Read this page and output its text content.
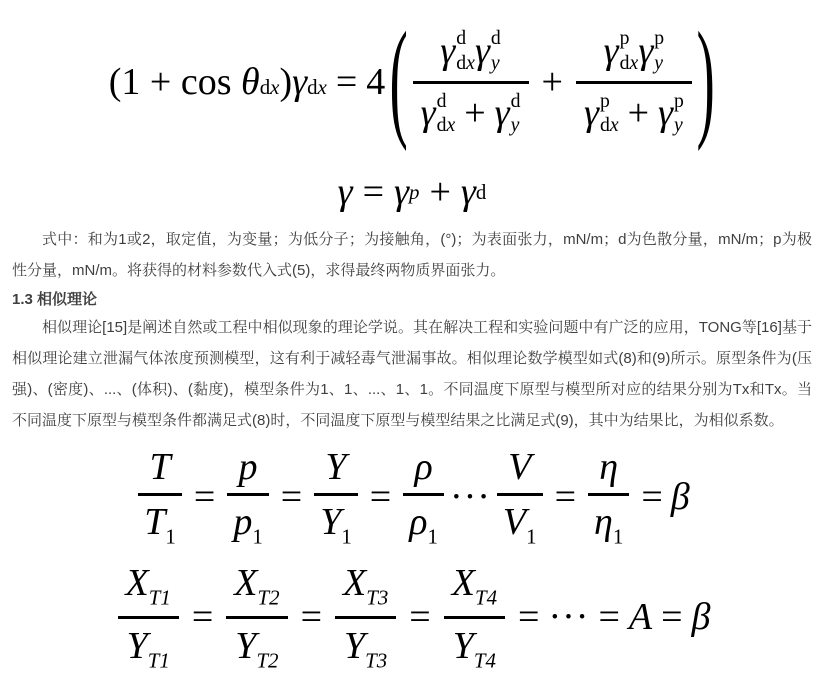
(1 + cos
θ dx ) γ dx = 4 ( γ d
dx γ d
y
γ d
dx + γ d
y + γ p
dx γ p
y
γ p
dx + γ p
y )
γ = γ p + γ d

式中：和为1或2，取定值，为变量；为低分子；为接触角，(°)；为表面张力，mN/m；d为色散分量，mN/m；p为极性分量，mN/m。将获得的材料参数代入式(5)，求得最终两物质界面张力。

1.3 相似理论

相似理论[15]是阐述自然或工程中相似现象的理论学说。其在解决工程和实验问题中有广泛的应用，TONG等[16]基于相似理论建立泄漏气体浓度预测模型，这有利于减轻毒气泄漏事故。相似理论数学模型如式(8)和(9)所示。原型条件为(压强)、(密度)、...、(体积)、(黏度)，模型条件为1、1、...、1、1。不同温度下原型与模型所对应的结果分别为Tx和Tx。当不同温度下原型与模型条件都满足式(8)时，不同温度下原型与模型结果之比满足式(9)，其中为结果比，为相似系数。

$\frac{T}{T_1} = \frac{p}{p_1} = \frac{Y}{Y_1} = \frac{\rho}{\rho_1}$ ··· $\frac{V}{V_1} = \frac{\eta}{\eta_1} = \beta$
$\frac{X_{T1}}{Y_{T1}} = \frac{X_{T2}}{Y_{T2}} = \frac{X_{T3}}{Y_{T3}} = \frac{X_{T4}}{Y_{T4}}$ = ··· = A = β
